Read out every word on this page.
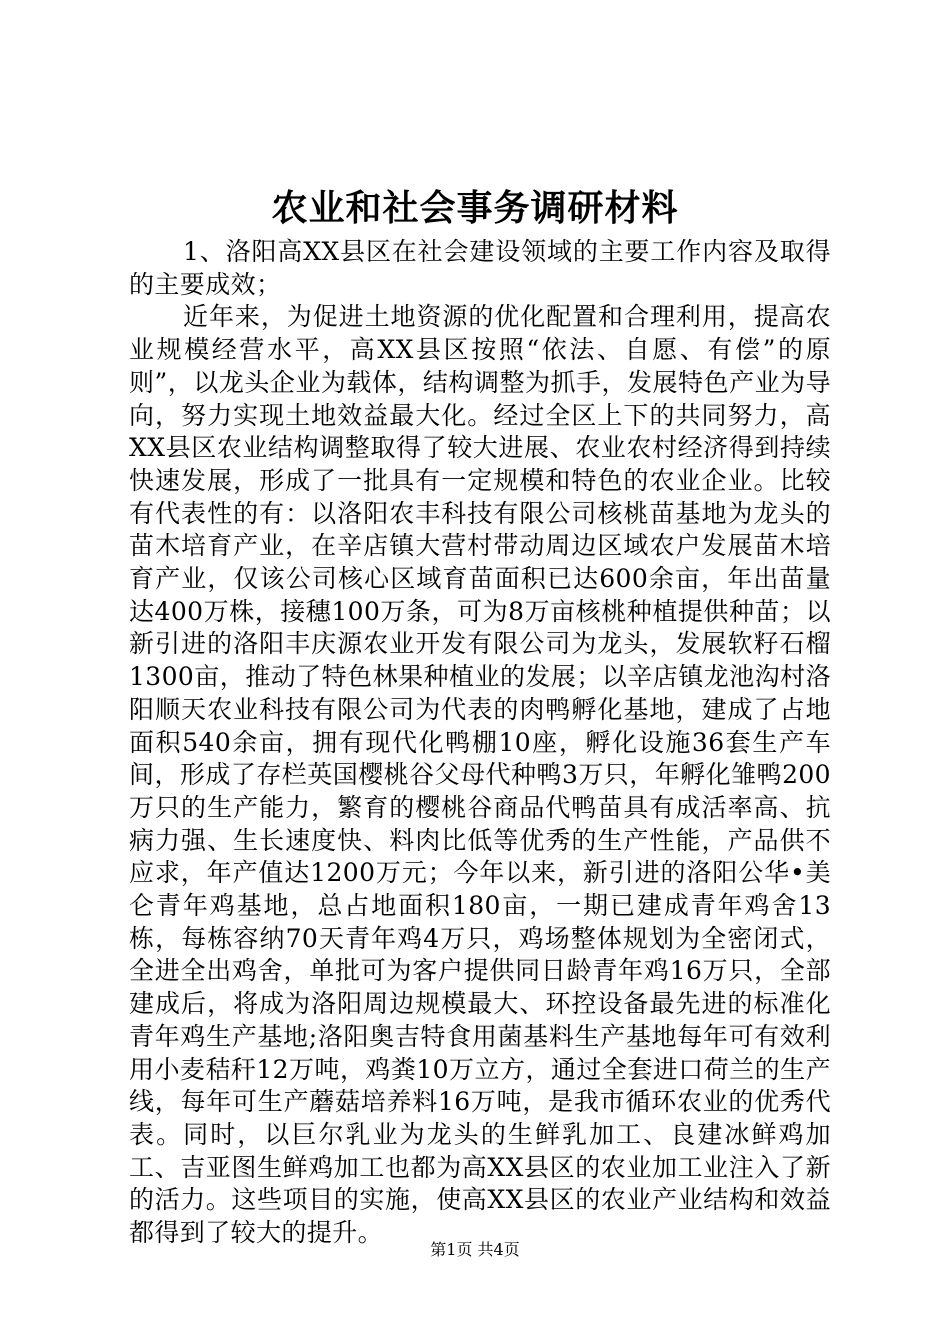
农业和社会事务调研材料

1、洛阳高XX县区在社会建设领域的主要工作内容及取得的主要成效；

近年来，为促进土地资源的优化配置和合理利用，提高农业规模经营水平，高XX县区按照“依法、自愿、有偿”的原则”，以龙头企业为载体，结构调整为抓手，发展特色产业为导向，努力实现土地效益最大化。经过全区上下的共同努力，高XX县区农业结构调整取得了较大进展、农业农村经济得到持续快速发展，形成了一批具有一定规模和特色的农业企业。比较有代表性的有：以洛阳农丰科技有限公司核桃苗基地为龙头的苗木培育产业，在辛店镇大营村带动周边区域农户发展苗木培育产业，仅该公司核心区域育苗面积已达600余亩，年出苗量达400万株，接穗100万条，可为8万亩核桃种植提供种苗；以新引进的洛阳丰庆源农业开发有限公司为龙头，发展软籽石榴1300亩，推动了特色林果种植业的发展；以辛店镇龙池沟村洛阳顺天农业科技有限公司为代表的肉鸭孵化基地，建成了占地面积540余亩，拥有现代化鸭棚10座，孵化设施36套生产车间，形成了存栏英国樱桃谷父母代种鸭3万只，年孵化雏鸭200万只的生产能力，繁育的樱桃谷商品代鸭苗具有成活率高、抗病力强、生长速度快、料肉比低等优秀的生产性能，产品供不应求，年产值达1200万元；今年以来，新引进的洛阳公华•美仑青年鸡基地，总占地面积180亩，一期已建成青年鸡舍13栋，每栋容纳70天青年鸡4万只，鸡场整体规划为全密闭式，全进全出鸡舍，单批可为客户提供同日龄青年鸡16万只，全部建成后，将成为洛阳周边规模最大、环控设备最先进的标准化青年鸡生产基地;洛阳奥吉特食用菌基料生产基地每年可有效利用小麦秸秆12万吨，鸡粪10万立方，通过全套进口荷兰的生产线，每年可生产蘑菇培养料16万吨，是我市循环农业的优秀代表。同时，以巨尔乳业为龙头的生鲜乳加工、良建冰鲜鸡加工、吉亚图生鲜鸡加工也都为高XX县区的农业加工业注入了新的活力。这些项目的实施，使高XX县区的农业产业结构和效益都得到了较大的提升。

第1页 共4页
